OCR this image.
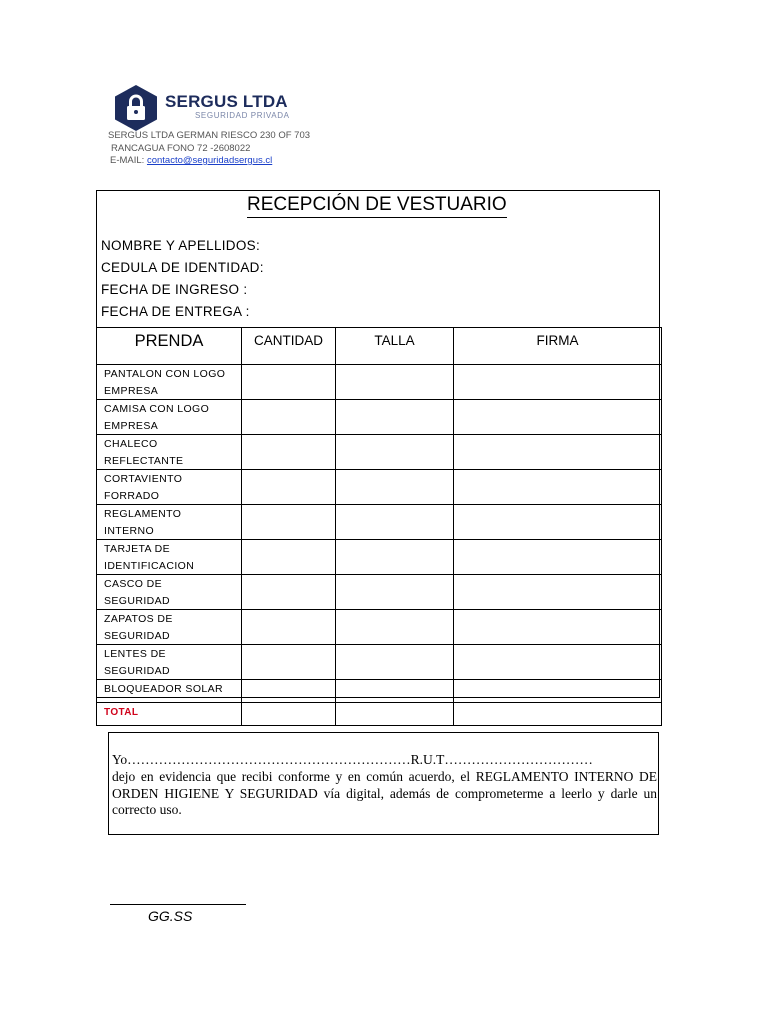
SERGUS LTDA
SEGURIDAD PRIVADA
SERGUS LTDA GERMAN RIESCO 230 OF 703
RANCAGUA FONO 72 -2608022
E-MAIL: contacto@seguridadsergus.cl
RECEPCIÓN DE VESTUARIO
NOMBRE Y APELLIDOS:
CEDULA DE IDENTIDAD:
FECHA DE INGRESO :
FECHA DE ENTREGA :
PRENDA	CANTIDAD	TALLA	FIRMA

PANTALON CON LOGO
EMPRESA			

CAMISA CON LOGO
EMPRESA			

CHALECO
REFLECTANTE			

CORTAVIENTO
FORRADO			

REGLAMENTO
INTERNO			

TARJETA DE
IDENTIFICACION			

CASCO DE
SEGURIDAD			

ZAPATOS DE
SEGURIDAD			

LENTES DE
SEGURIDAD			

BLOQUEADOR SOLAR			

TOTAL			
Yo………………………………………………………R.U.T……………………………
dejo en evidencia que recibi conforme y en común acuerdo, el REGLAMENTO INTERNO DE ORDEN HIGIENE Y SEGURIDAD vía digital, además de comprometerme a leerlo y darle un correcto uso.
GG.SS
